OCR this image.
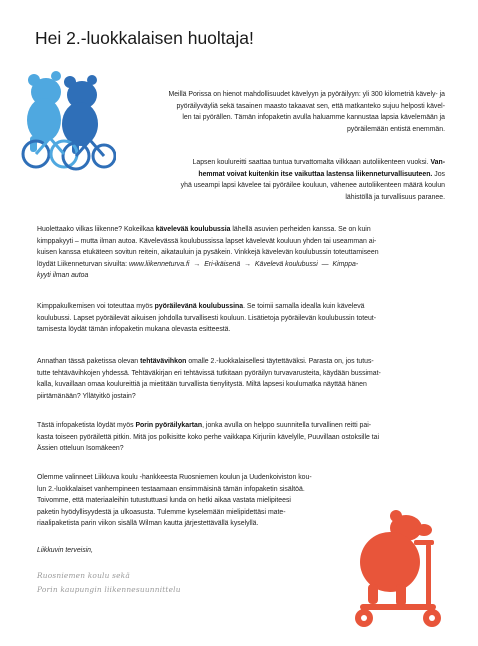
Hei 2.-luokkalaisen huoltaja!
Meillä Porissa on hienot mahdollisuudet kävelyyn ja pyöräilyyn: yli 300 kilometriä kävely- ja
pyöräilyväyliä sekä tasainen maasto takaavat sen, että matkanteko sujuu helposti kävel-
len tai pyörällen. Tämän infopaketin avulla haluamme kannustaa lapsia kävelemään ja
pyöräilemään entistä enemmän.
Lapsen koulureitti saattaa tuntua turvattomalta vilkkaan autoliikenteen vuoksi. Van-
hemmat voivat kuitenkin itse vaikuttaa lastensa liikenneturvallisuuteen. Jos
yhä useampi lapsi kävelee tai pyöräilee kouluun, vähenee autoliikenteen määrä koulun
lähistöllä ja turvallisuus paranee.
Huolettaako vilkas liikenne? Kokeilkaa kävelevää koulubussia lähellä asuvien perheiden kanssa. Se on kuin
kimppakyyti – mutta ilman autoa. Kävelevässä koulubussissa lapset kävelevät kouluun yhden tai useamman ai-
kuisen kanssa etukäteen sovitun reitein, aikatauluin ja pysäkein. Vinkkejä kävelevän koulubussin toteuttamiseen
löydät Liikenneturvan sivuilta: www.liikenneturva.fi → Eri-ikäisenä → Kävelevä koulubussi — Kimppa-
kyyti ilman autoa
Kimppakulkemisen voi toteuttaa myös pyöräilevänä koulubussina. Se toimii samalla idealla kuin kävelevä
koulubussi. Lapset pyöräilevät aikuisen johdolla turvallisesti kouluun. Lisätietoja pyöräilevän koulubussin toteut-
tamisesta löydät tämän infopaketin mukana olevasta esitteestä.
Annathan tässä paketissa olevan tehtävävihkon omalle 2.-luokkalaisellesi täytettäväksi. Parasta on, jos tutus-
tutte tehtävävihkojen yhdessä. Tehtäväkirjan eri tehtävissä tutkitaan pyöräilyn turvavarusteita, käydään bussimat-
kalla, kuvaillaan omaa koulureittiä ja mietitään turvallista tienylitystä. Miltä lapsesi koulumatka näyttää hänen
piirtämänään? Yllätyitkö jostain?
Tästä infopaketista löydät myös Porin pyöräilykartan, jonka avulla on helppo suunnitella turvallinen reitti pai-
kasta toiseen pyöräilettä pitkin. Mitä jos polkisitte koko perhe vaikkapa Kirjuriin kävelylle, Puuvillaan ostoksille tai
Ässien otteluun Isomäkeen?
Olemme valinneet Liikkuva koulu -hankkeesta Ruosniemen koulun ja Uudenkoiviston kou-
lun 2.-luokkalaiset vanhempineen testaamaan ensimmäisinä tämän infopaketin sisältöä.
Toivomme, että materiaaleihin tutustuttuasi lunda on hetki aikaa vastata mielipiteesi
paketin hyödyllisyydestä ja ulkoasusta. Tulemme kyselemään mielipidettäsi mate-
riaalipaketista parin viikon sisällä Wilman kautta järjestettävällä kyselyllä.
Liikkuvin terveisin,
Ruosniemen koulu sekä
Porin kaupungin liikennesuunnittelu
